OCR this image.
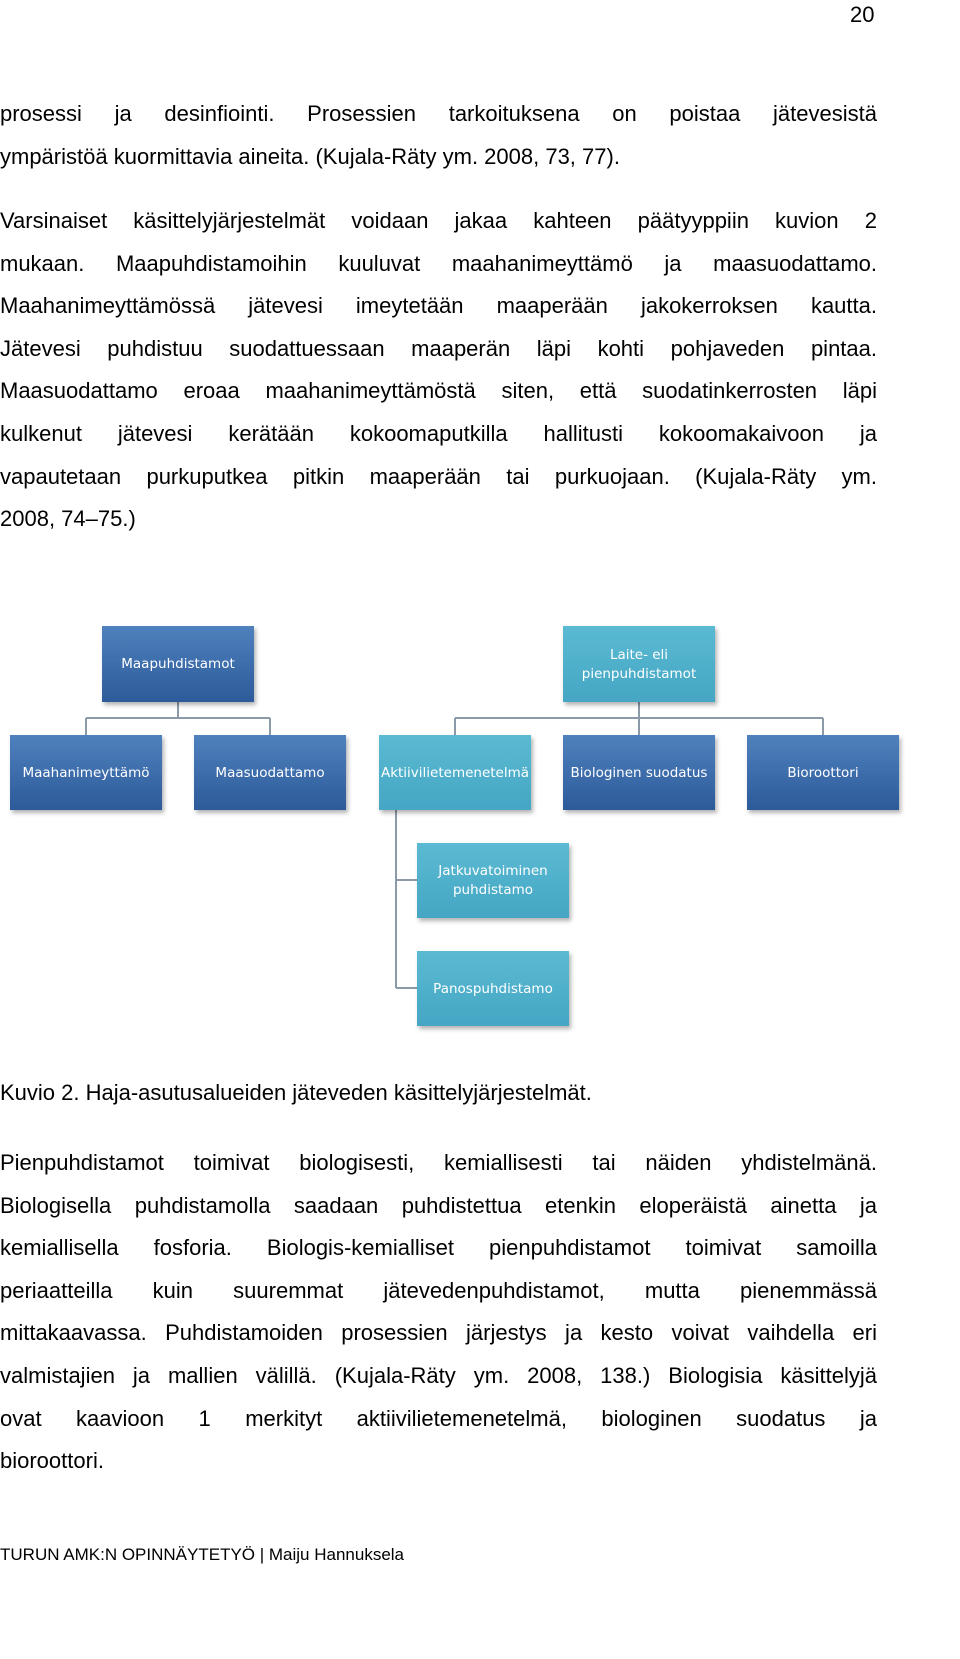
20
prosessi ja desinfiointi. Prosessien tarkoituksena on poistaa jätevesistä
ympäristöä kuormittavia aineita. (Kujala-Räty ym. 2008, 73, 77).
Varsinaiset käsittelyjärjestelmät voidaan jakaa kahteen päätyyppiin kuvion 2
mukaan. Maapuhdistamoihin kuuluvat maahanimeyttämö ja maasuodattamo.
Maahanimeyttämössä jätevesi imeytetään maaperään jakokerroksen kautta.
Jätevesi puhdistuu suodattuessaan maaperän läpi kohti pohjaveden pintaa.
Maasuodattamo eroaa maahanimeyttämöstä siten, että suodatinkerrosten läpi
kulkenut jätevesi kerätään kokoomaputkilla hallitusti kokoomakaivoon ja
vapautetaan purkuputkea pitkin maaperään tai purkuojaan. (Kujala-Räty ym.
2008, 74–75.)
Maapuhdistamot
Laite- eli
pienpuhdistamot
Maahanimeyttämö	Maasuodattamo	Aktiivilietemenetelmä	Biologinen suodatus	Bioroottori
Jatkuvatoiminen
puhdistamo
Panospuhdistamo

Kuvio 2. Haja-asutusalueiden jäteveden käsittelyjärjestelmät.

Pienpuhdistamot toimivat biologisesti, kemiallisesti tai näiden yhdistelmänä.
Biologisella puhdistamolla saadaan puhdistettua etenkin eloperäistä ainetta ja
kemiallisella fosforia. Biologis-kemialliset pienpuhdistamot toimivat samoilla
periaatteilla kuin suuremmat jätevedenpuhdistamot, mutta pienemmässä
mittakaavassa. Puhdistamoiden prosessien järjestys ja kesto voivat vaihdella eri
valmistajien ja mallien välillä. (Kujala-Räty ym. 2008, 138.) Biologisia käsittelyjä
ovat kaavioon 1 merkityt aktiivilietemenetelmä, biologinen suodatus ja
bioroottori.
TURUN AMK:N OPINNÄYTETYÖ | Maiju Hannuksela
